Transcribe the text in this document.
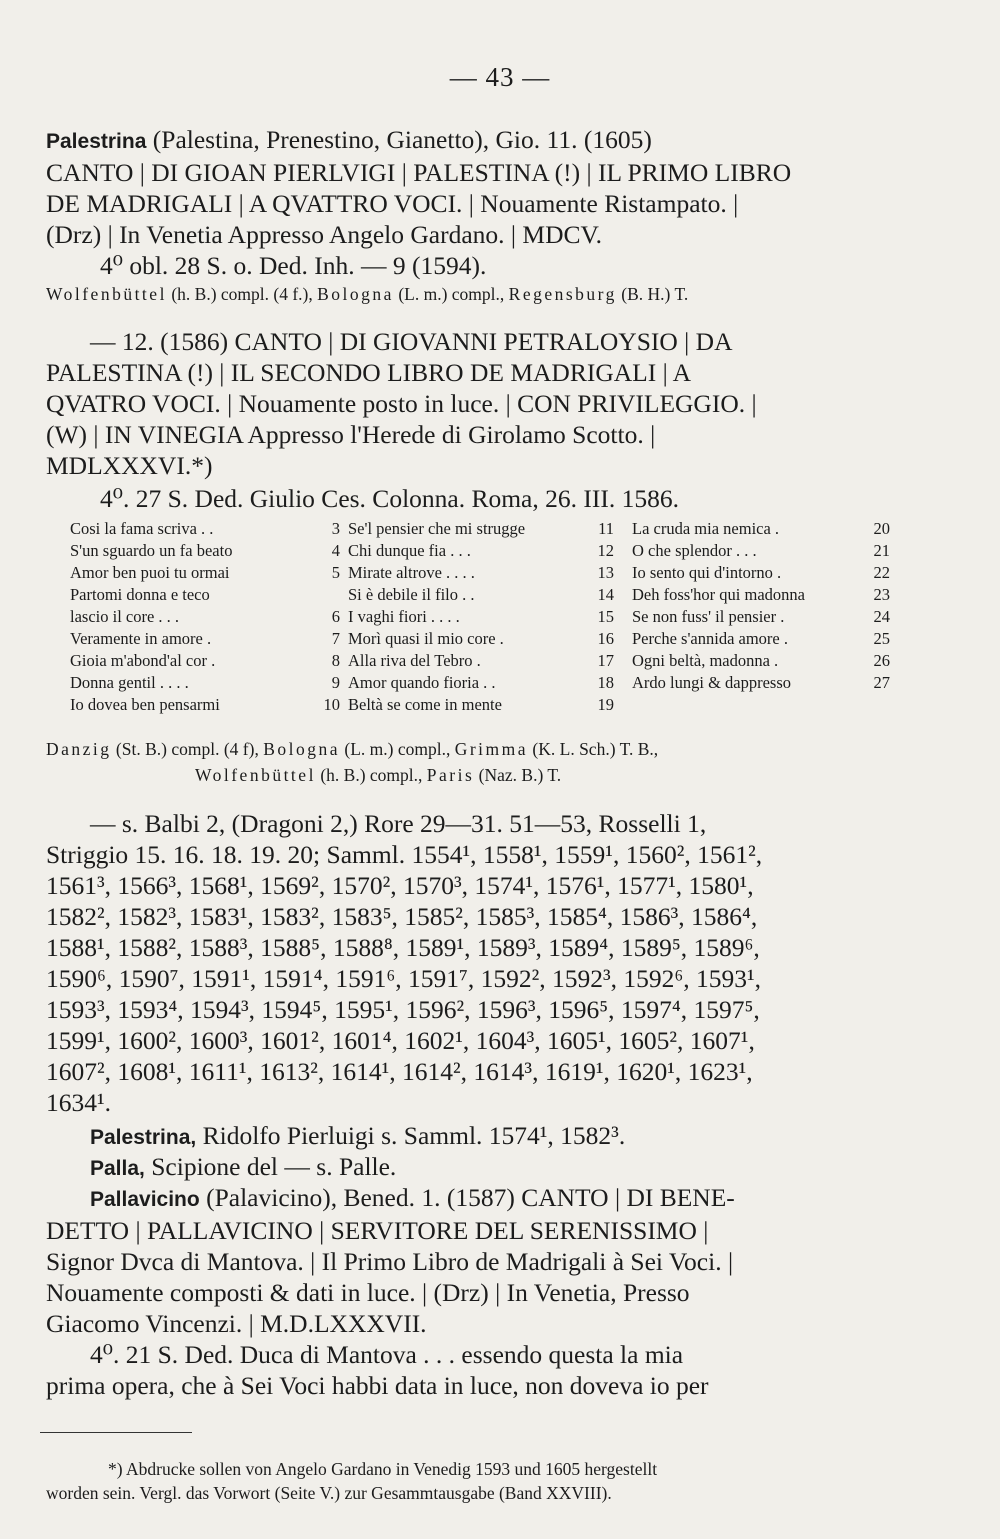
— 43 —
Palestrina (Palestina, Prenestino, Gianetto), Gio. 11. (1605)
CANTO | DI GIOAN PIERLVIGI | PALESTINA (!) | IL PRIMO LIBRO
DE MADRIGALI | A QVATTRO VOCI. | Nouamente Ristampato. |
(Drz) | In Venetia Appresso Angelo Gardano. | MDCV.
4⁰ obl. 28 S. o. Ded. Inh. — 9 (1594).
Wolfenbüttel (h. B.) compl. (4 f.), Bologna (L. m.) compl., Regensburg (B. H.) T.
— 12. (1586) CANTO | DI GIOVANNI PETRALOYSIO | DA
PALESTINA (!) | IL SECONDO LIBRO DE MADRIGALI | A
QVATRO VOCI. | Nouamente posto in luce. | CON PRIVILEGGIO. |
(W) | IN VINEGIA Appresso l'Herede di Girolamo Scotto. |
MDLXXXVI.*)
4⁰. 27 S. Ded. Giulio Ces. Colonna. Roma, 26. III. 1586.
Cosi la fama scriva . .	3	Se'l pensier che mi strugge	11	La cruda mia nemica .	20
S'un sguardo un fa beato	4	Chi dunque fia . . .	12	O che splendor . . .	21
Amor ben puoi tu ormai	5	Mirate altrove . . . .	13	Io sento qui d'intorno .	22
Partomi donna e teco		Si è debile il filo . .	14	Deh foss'hor qui madonna	23
lascio il core . . .	6	I vaghi fiori . . . .	15	Se non fuss' il pensier .	24
Veramente in amore .	7	Morì quasi il mio core .	16	Perche s'annida amore .	25
Gioia m'abond'al cor .	8	Alla riva del Tebro .	17	Ogni beltà, madonna .	26
Donna gentil . . . .	9	Amor quando fioria . .	18	Ardo lungi & dappresso	27
Io dovea ben pensarmi	10	Beltà se come in mente	19		
Danzig (St. B.) compl. (4 f), Bologna (L. m.) compl., Grimma (K. L. Sch.) T. B.,
Wolfenbüttel (h. B.) compl., Paris (Naz. B.) T.
— s. Balbi 2, (Dragoni 2,) Rore 29—31. 51—53, Rosselli 1,
Striggio 15. 16. 18. 19. 20; Samml. 1554¹, 1558¹, 1559¹, 1560², 1561²,
1561³, 1566³, 1568¹, 1569², 1570², 1570³, 1574¹, 1576¹, 1577¹, 1580¹,
1582², 1582³, 1583¹, 1583², 1583⁵, 1585², 1585³, 1585⁴, 1586³, 1586⁴,
1588¹, 1588², 1588³, 1588⁵, 1588⁸, 1589¹, 1589³, 1589⁴, 1589⁵, 1589⁶,
1590⁶, 1590⁷, 1591¹, 1591⁴, 1591⁶, 1591⁷, 1592², 1592³, 1592⁶, 1593¹,
1593³, 1593⁴, 1594³, 1594⁵, 1595¹, 1596², 1596³, 1596⁵, 1597⁴, 1597⁵,
1599¹, 1600², 1600³, 1601², 1601⁴, 1602¹, 1604³, 1605¹, 1605², 1607¹,
1607², 1608¹, 1611¹, 1613², 1614¹, 1614², 1614³, 1619¹, 1620¹, 1623¹,
1634¹.
Palestrina, Ridolfo Pierluigi s. Samml. 1574¹, 1582³.
Palla, Scipione del — s. Palle.
Pallavicino (Palavicino), Bened. 1. (1587) CANTO | DI BENE-
DETTO | PALLAVICINO | SERVITORE DEL SERENISSIMO |
Signor Dvca di Mantova. | Il Primo Libro de Madrigali à Sei Voci. |
Nouamente composti & dati in luce. | (Drz) | In Venetia, Presso
Giacomo Vincenzi. | M.D.LXXXVII.
4⁰. 21 S. Ded. Duca di Mantova . . . essendo questa la mia
prima opera, che à Sei Voci habbi data in luce, non doveva io per
*) Abdrucke sollen von Angelo Gardano in Venedig 1593 und 1605 hergestellt
worden sein. Vergl. das Vorwort (Seite V.) zur Gesammtausgabe (Band XXVIII).
